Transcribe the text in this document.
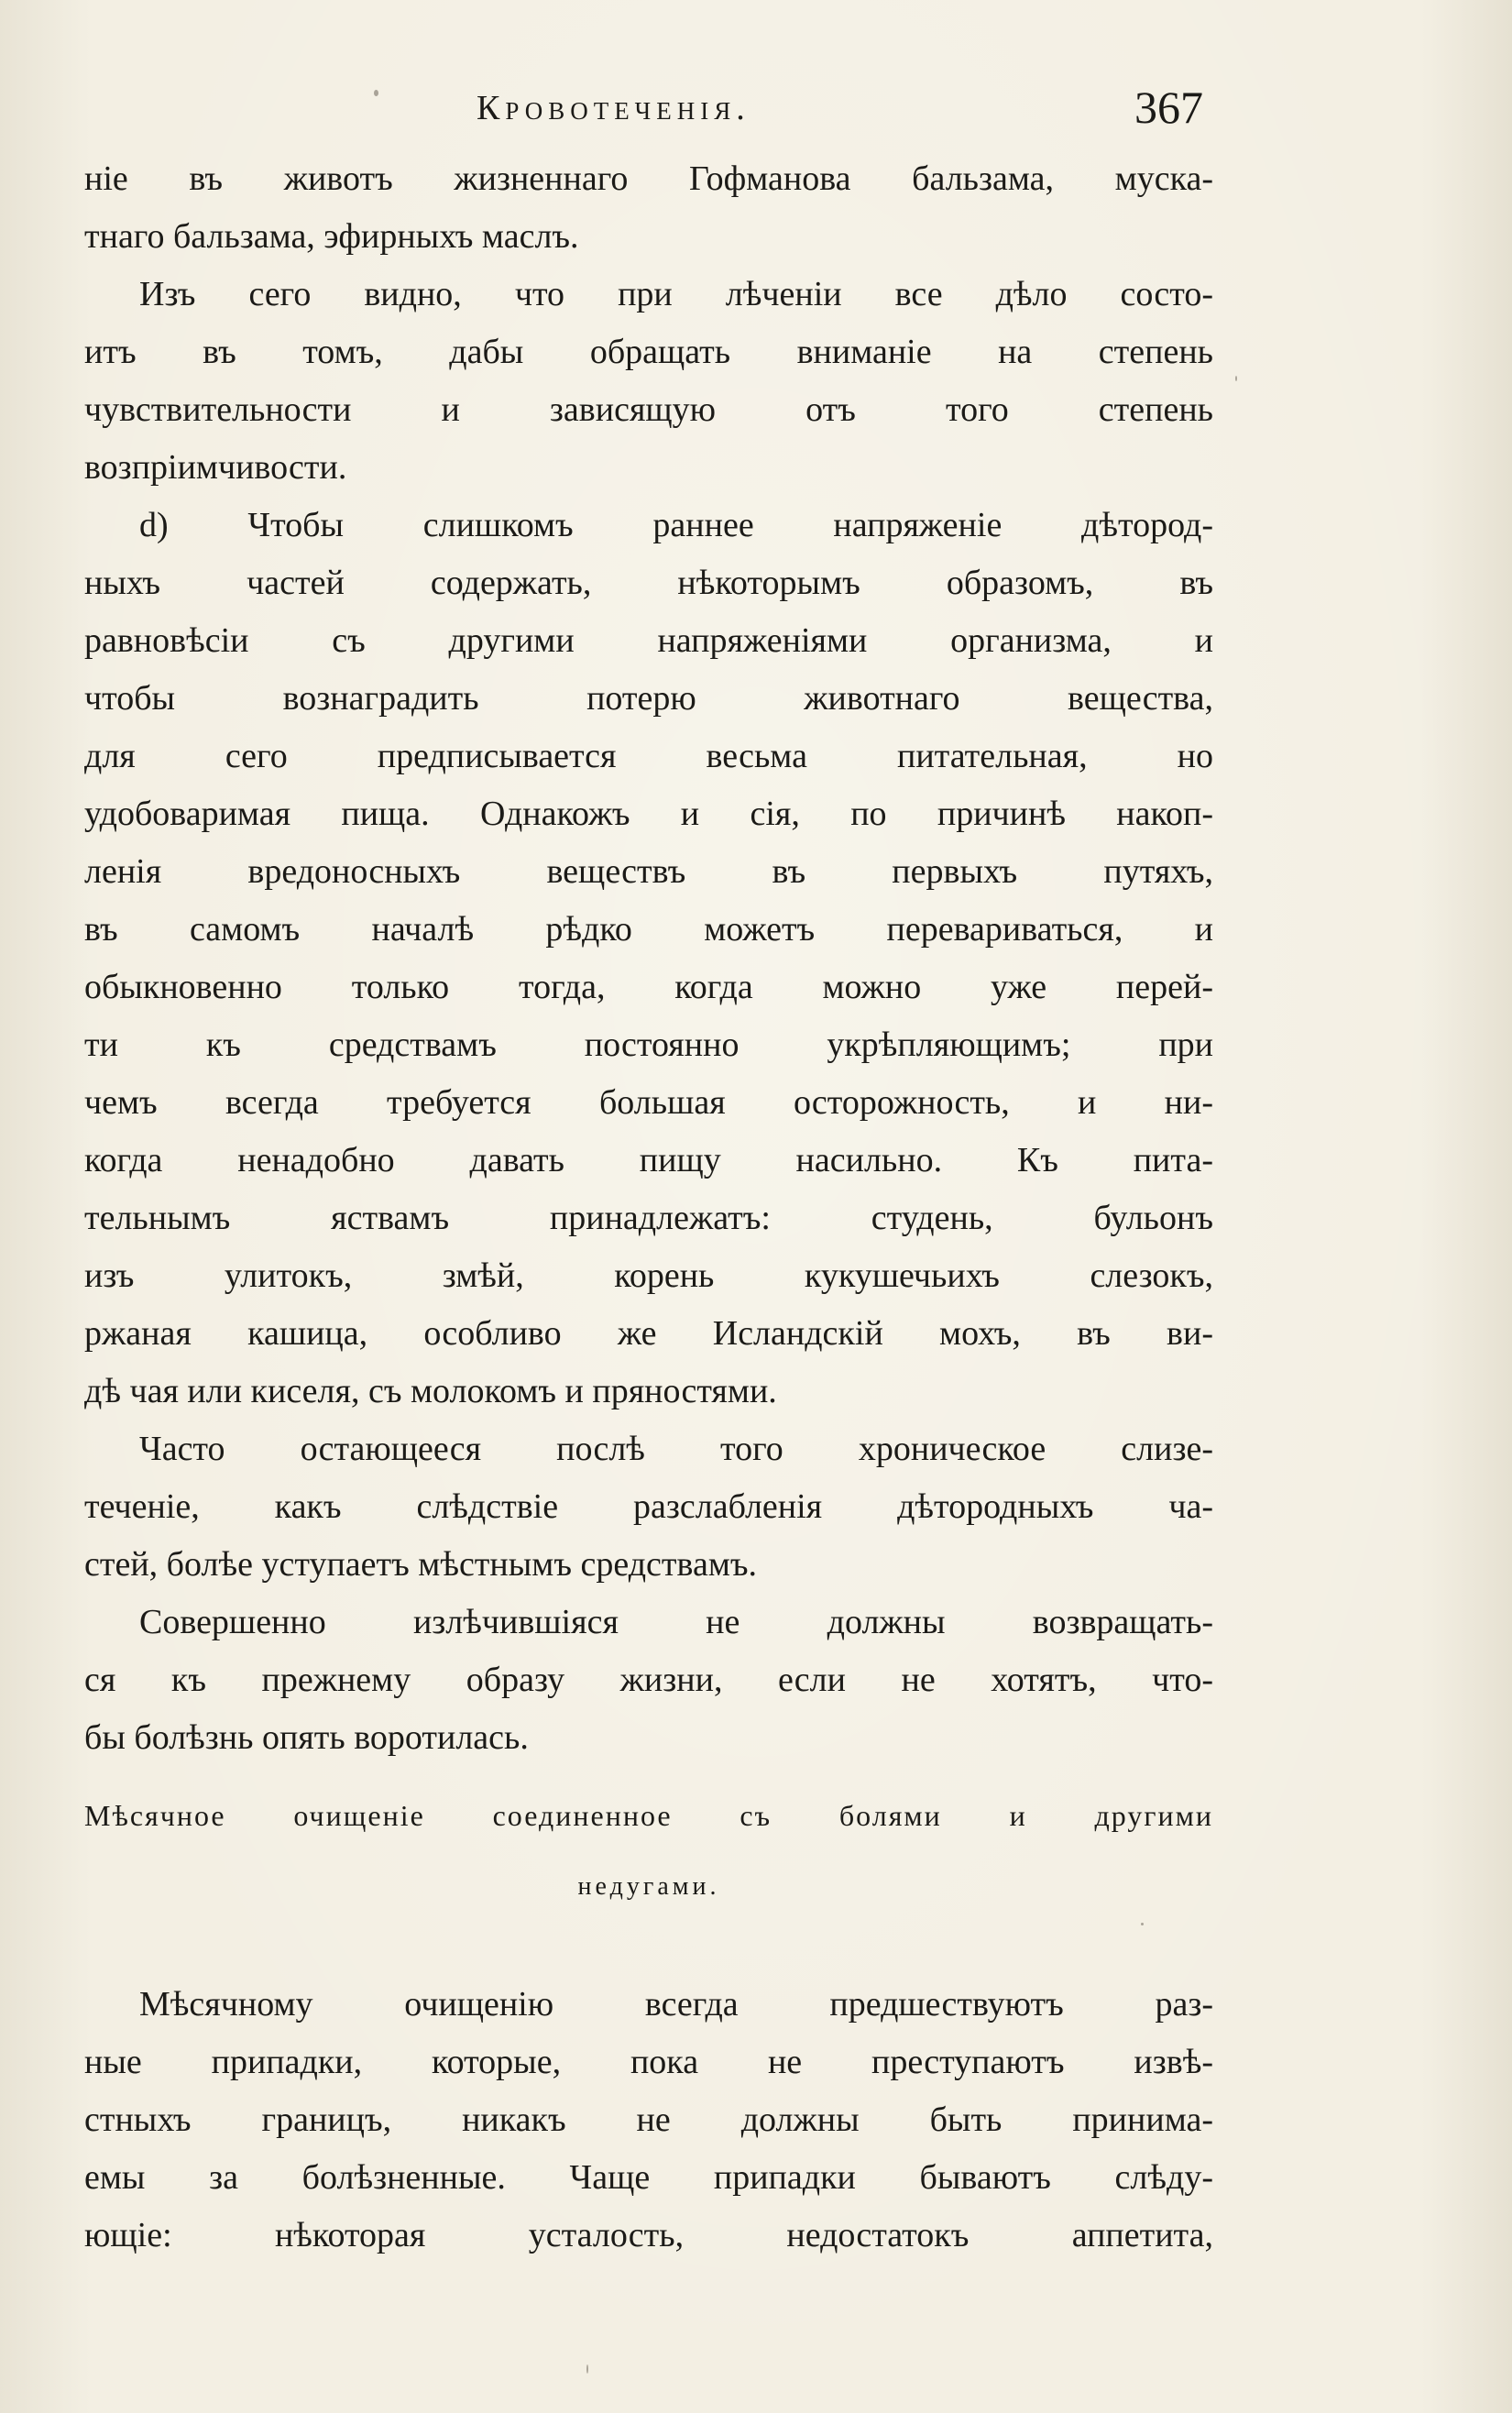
Кровотеченія.	367
ніе въ животъ жизненнаго Гофманова бальзама, муска-
тнаго бальзама, эфирныхъ маслъ.
Изъ сего видно, что при лѣченіи все дѣло состо-
итъ въ томъ, дабы обращать вниманіе на степень
чувствительности и зависящую отъ того степень
возпріимчивости.
d) Чтобы слишкомъ раннее напряженіе дѣтород-
ныхъ частей содержать, нѣкоторымъ образомъ, въ
равновѣсіи съ другими напряженіями организма, и
чтобы вознаградить потерю животнаго вещества,
для сего предписывается весьма питательная, но
удобоваримая пища. Однакожъ и сія, по причинѣ накоп-
ленія вредоносныхъ веществъ въ первыхъ путяхъ,
въ самомъ началѣ рѣдко можетъ перевариваться, и
обыкновенно только тогда, когда можно уже перей-
ти къ средствамъ постоянно укрѣпляющимъ; при
чемъ всегда требуется большая осторожность, и ни-
когда ненадобно давать пищу насильно. Къ пита-
тельнымъ яствамъ принадлежатъ: студень, бульонъ
изъ улитокъ, змѣй, корень кукушечьихъ слезокъ,
ржаная кашица, особливо же Исландскій мохъ, въ ви-
дѣ чая или киселя, съ молокомъ и пряностями.
Часто остающееся послѣ того хроническое слизе-
теченіе, какъ слѣдствіе разслабленія дѣтородныхъ ча-
стей, болѣе уступаетъ мѣстнымъ средствамъ.
Совершенно излѣчившіяся не должны возвращать-
ся къ прежнему образу жизни, если не хотятъ, что-
бы болѣзнь опять воротилась.
Мѣсячное очищеніе соединенное съ болями и другими
недугами.
Мѣсячному очищенію всегда предшествуютъ раз-
ные припадки, которые, пока не преступаютъ извѣ-
стныхъ границъ, никакъ не должны быть принима-
емы за болѣзненные. Чаще припадки бываютъ слѣду-
ющіе: нѣкоторая усталость, недостатокъ аппетита,
